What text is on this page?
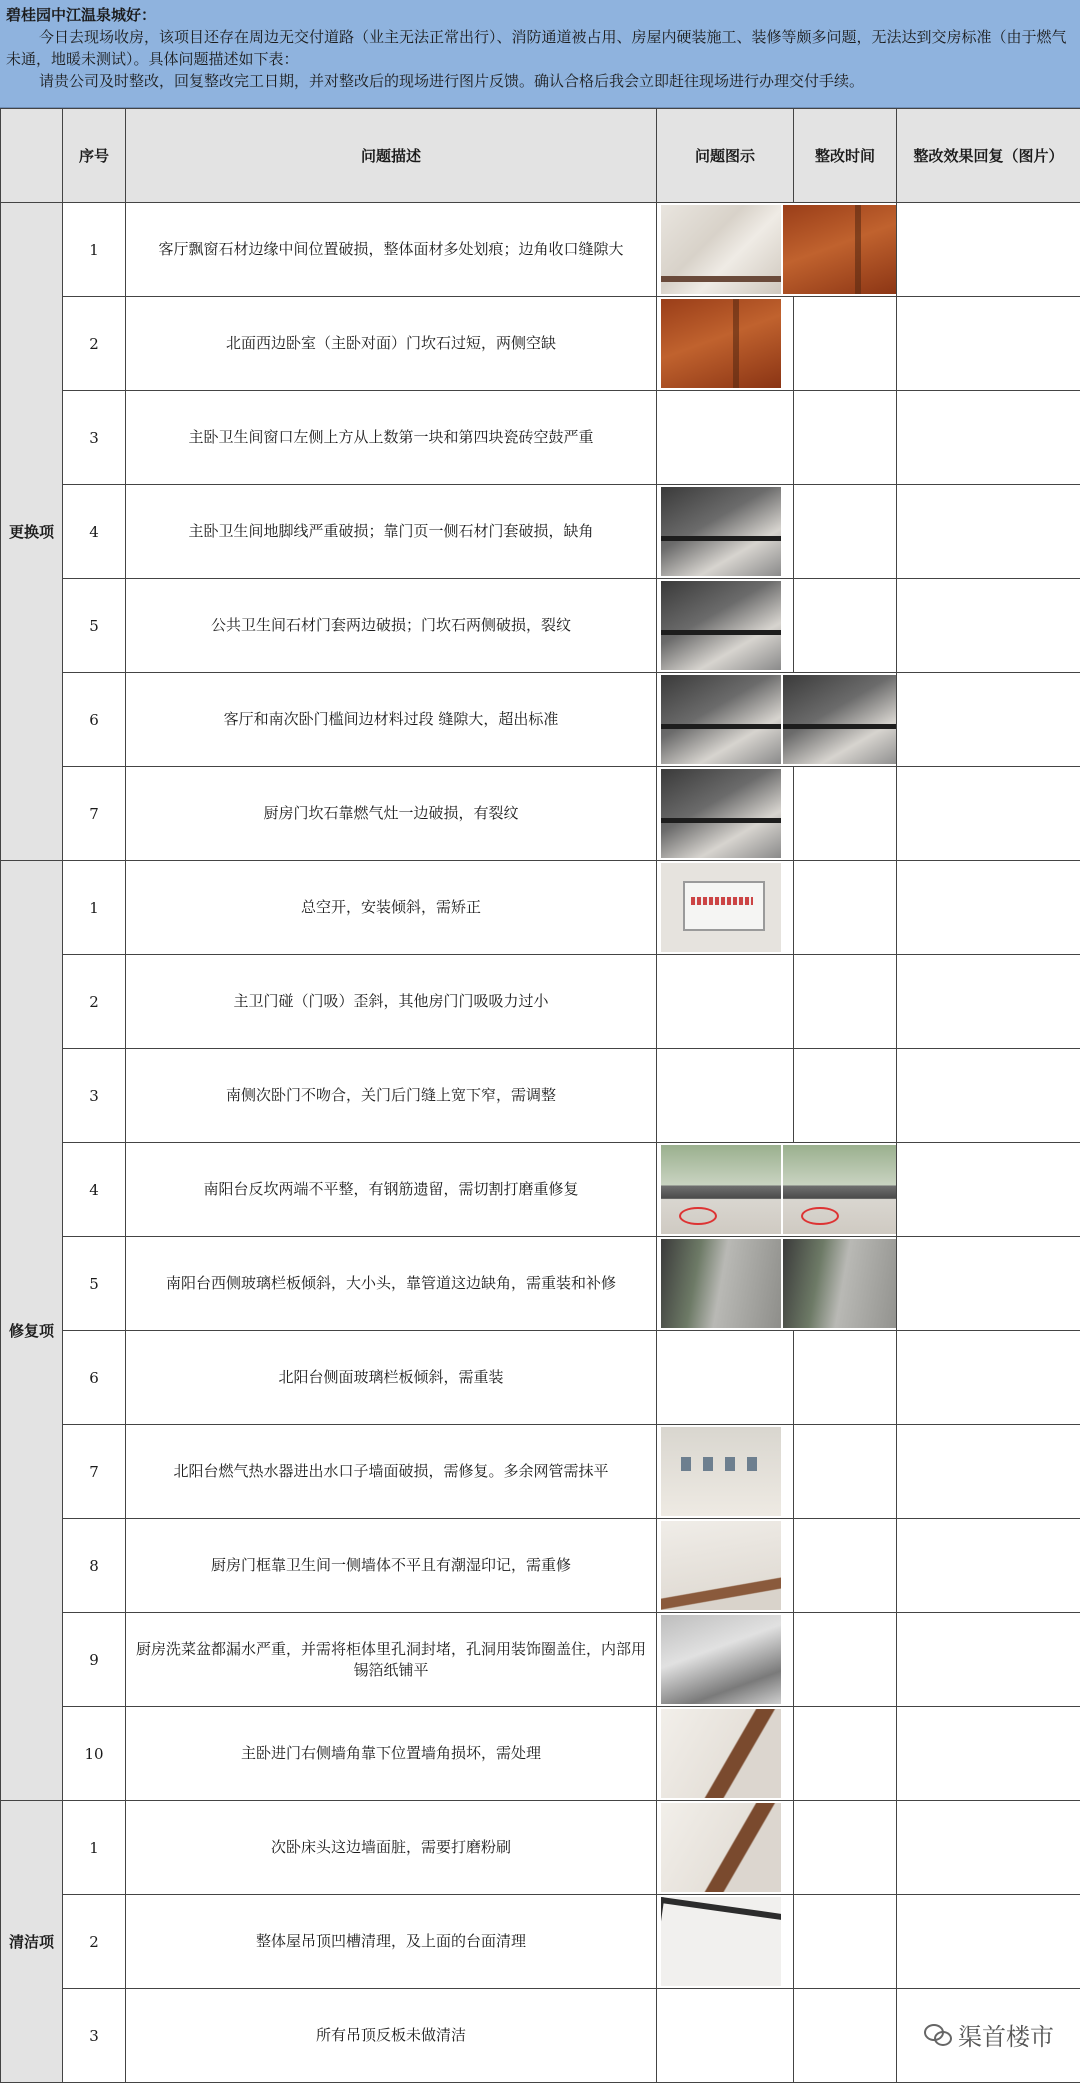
碧桂园中江温泉城好：
今日去现场收房，该项目还存在周边无交付道路（业主无法正常出行）、消防通道被占用、房屋内硬装施工、装修等颇多问题，无法达到交房标准（由于燃气未通，地暖未测试）。具体问题描述如下表：
请贵公司及时整改，回复整改完工日期，并对整改后的现场进行图片反馈。确认合格后我会立即赶往现场进行办理交付手续。
	序号	问题描述	问题图示	整改时间	整改效果回复（图片）
更换项	1	客厅飘窗石材边缘中间位置破损，整体面材多处划痕；边角收口缝隙大		

	2	北面西边卧室（主卧对面）门坎石过短，两侧空缺	

	3	主卧卫生间窗口左侧上方从上数第一块和第四块瓷砖空鼓严重	

	4	主卧卫生间地脚线严重破损；靠门页一侧石材门套破损，缺角	

	5	公共卫生间石材门套两边破损；门坎石两侧破损，裂纹	

	6	客厅和南次卧门槛间边材料过段 缝隙大，超出标准		

	7	厨房门坎石靠燃气灶一边破损，有裂纹	

修复项	1	总空开，安装倾斜，需矫正	

	2	主卫门碰（门吸）歪斜，其他房门门吸吸力过小	

	3	南侧次卧门不吻合，关门后门缝上宽下窄，需调整	

	4	南阳台反坎两端不平整，有钢筋遗留，需切割打磨重修复		

	5	南阳台西侧玻璃栏板倾斜，大小头，靠管道这边缺角，需重装和补修		

	6	北阳台侧面玻璃栏板倾斜，需重装	

	7	北阳台燃气热水器进出水口子墙面破损，需修复。多余网管需抹平	

	8	厨房门框靠卫生间一侧墙体不平且有潮湿印记，需重修	

	9	厨房洗菜盆都漏水严重，并需将柜体里孔洞封堵，孔洞用装饰圈盖住，内部用锡箔纸铺平	

	10	主卧进门右侧墙角靠下位置墙角损坏，需处理	

清洁项	1	次卧床头这边墙面脏，需要打磨粉刷	

	2	整体屋吊顶凹槽清理，及上面的台面清理	

	3	所有吊顶反板未做清洁	
			渠首楼市
